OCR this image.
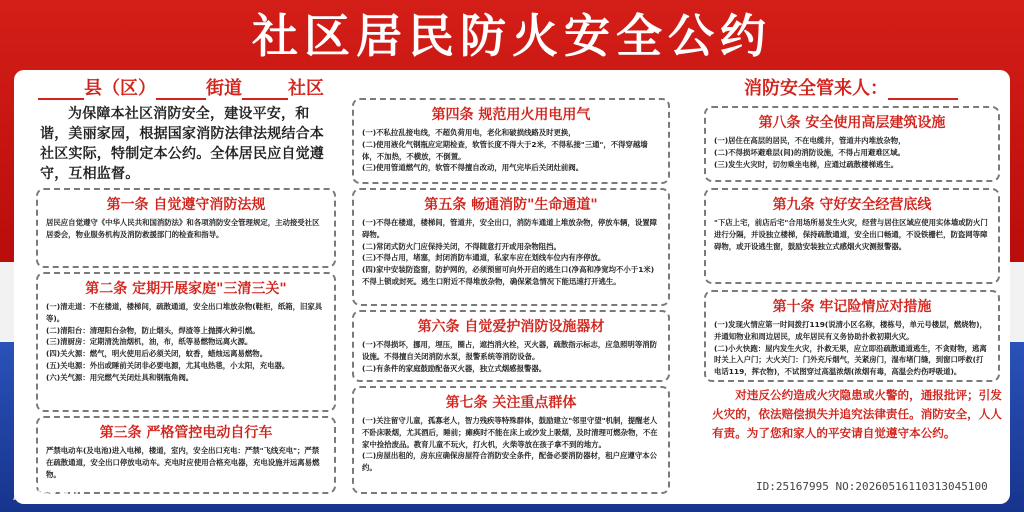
社区居民防火安全公约
县（区）	街道	社区	消防安全管来人：
为保障本社区消防安全，建设平安，和谐，美丽家园，根据国家消防法律法规结合本社区实际，特制定本公约。全体居民应自觉遵守，互相监督。
第一条 自觉遵守消防法规

居民应自觉遵守《中华人民共和国消防法》和各项消防安全管理规定，主动接受社区居委会，物业服务机构及消防救援部门的检查和指导。

第二条 定期开展家庭"三清三关"

(一)清走道：不在楼道，楼梯间，疏散通道，安全出口堆放杂物(鞋柜，纸箱，旧家具等)。
(二)清阳台：清理阳台杂物，防止烟头，焊渣等上抛掷火种引燃。
(三)清厨房：定期清洗油烟机，油，布，纸等易燃物远离火源。
(四)关火源：燃气，明火使用后必须关闭，蚊香，蜡烛远离易燃物。
(五)关电源：外出或睡前关闭非必要电源，尤其电热毯，小太阳，充电器。
(六)关气源：用完燃气关闭灶具和钢瓶角阀。

第三条 严格管控电动自行车

严禁电动车(及电池)进入电梯，楼道，室内，安全出口充电：严禁"飞线充电"；严禁在疏散通道，安全出口停放电动车。充电时应使用合格充电器，充电设施并远离易燃物。

第四条 规范用火用电用气

(一)不私拉乱接电线，不超负荷用电，老化和破损线路及时更换，
(二)使用液化气钢瓶应定期检查，软管长度不得大于2米，不得私接"三通"，不得穿越墙体，不加热，不横放，不倒置。
(三)使用管道燃气的，软管不得擅自改动，用气完毕后关闭灶前阀。

第五条 畅通消防"生命通道"

(一)不得在楼道，楼梯间，管道井，安全出口，消防车通道上堆放杂物，停放车辆，设置障碍物。
(二)常闭式防火门应保持关闭，不得随意打开或用杂物阻挡。
(三)不得占用，堵塞，封闭消防车通道，私家车应在划线车位内有序停放。
(四)家中安装防盗窗，防护网的，必须预留可向外开启的逃生口(净高和净宽均不小于1米)不得上锁或封死。逃生口附近不得堆放杂物，确保紧急情况下能迅速打开逃生。

第六条 自觉爱护消防设施器材

(一)不得损坏，挪用，埋压，圈占，遮挡消火栓，灭火器，疏散指示标志，应急照明等消防设施。不得擅自关闭消防水泵，报警系统等消防设备。
(二)有条件的家庭鼓励配备灭火器，独立式烟感报警器。

第七条 关注重点群体

(一)关注留守儿童，孤寡老人，智力残疾等特殊群体，鼓励建立"邻里守望"机制，提醒老人不卧床吸烟，尤其酒后，睡前；瘫痪时不能在床上或沙发上吸烟，及时清理可燃杂物，不在家中捡拾废品。教育儿童不玩火，打火机，火柴等放在孩子拿不到的地方。
(二)房屋出租的，房东应确保房屋符合消防安全条件，配备必要消防器材，租户应遵守本公约。

第八条 安全使用高层建筑设施

(一)居住在高层的居民，不在电缆井，管道井内堆放杂物，
(二)不得损坏避难层(间)的消防设施，不得占用避难区域。
(三)发生火灾时，切勿乘坐电梯，应通过疏散楼梯逃生。

第九条 守好安全经营底线

"下店上宅，前店后宅"合用场所易发生火灾，经营与居住区域应使用实体墙或防火门进行分隔，并设独立楼梯，保持疏散通道，安全出口畅通，不设铁栅栏，防盗网等障碍物，或开设逃生窗，鼓励安装独立式感烟火灾测报警器。

第十条 牢记险情应对措施

(一)发现火情应第一时间拨打119(说清小区名称，楼栋号，单元号楼层，燃烧物)，并通知物业和周边居民，成年居民有义务协助扑救初期火灾。
(二)小火快跑：屋内发生火灾，扑救无果，应立即沿疏散通道逃生，不贪财物，逃离时关上入户门；大火关门：门外充斥烟气，关紧房门，湿布堵门缝，到窗口呼救(打电话119，挥衣物)，不试图穿过高温浓烟(浓烟有毒，高温会灼伤呼吸道)。

对违反公约造成火灾隐患或火警的，通报批评；引发火灾的，依法赔偿损失并追究法律责任。消防安全，人人有责。为了您和家人的平安请自觉遵守本公约。
昵图网	ID:25167995 NO:20260516110313045100
